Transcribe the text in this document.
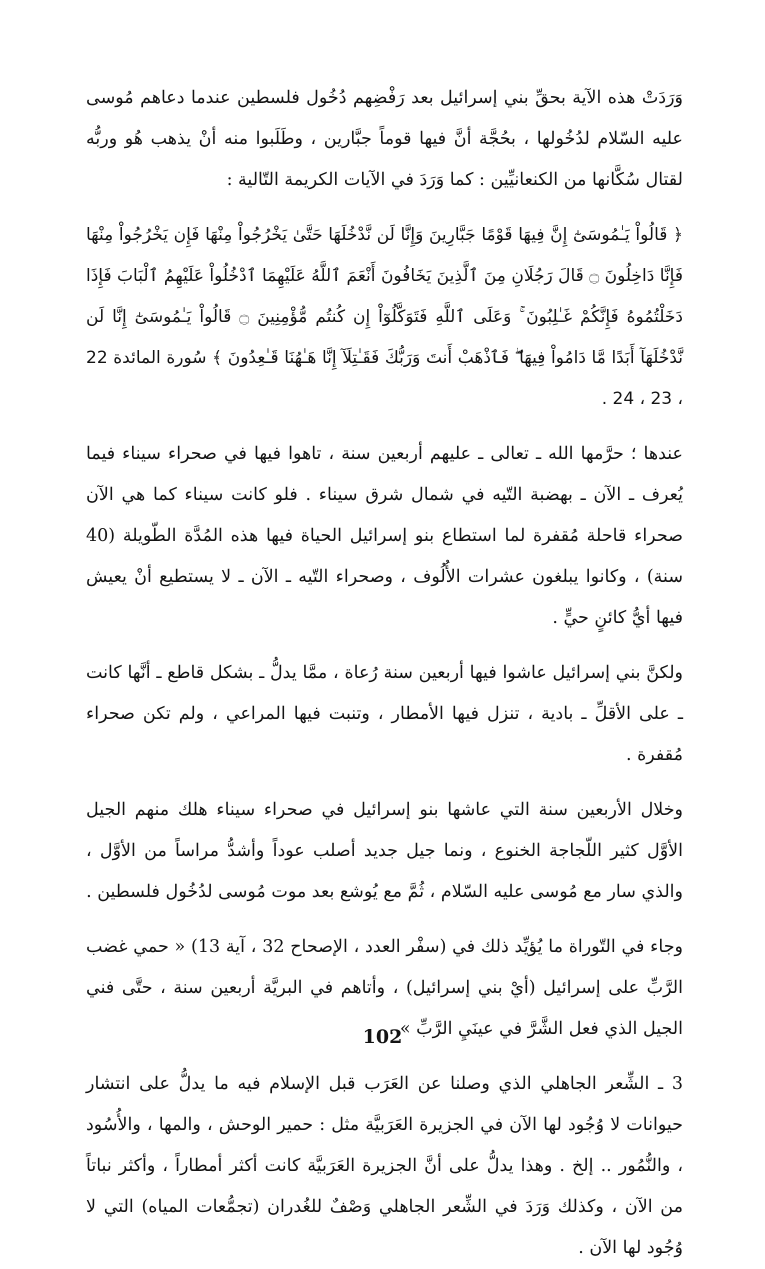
وَرَدَتْ هذه الآية بحقِّ بني إسرائيل بعد رَفْضِهم دُخُول فلسطين عندما دعاهم مُوسى عليه السّلام لدُخُولها ، بحُجَّة أنَّ فيها قوماً جبَّارين ، وطَلَبوا منه أنْ يذهب هُو وربُّه لقتال سُكَّانها من الكنعانيِّين : كما وَرَدَ في الآيات الكريمة التّالية :

﴿ قَالُواْ يَـٰمُوسَىٰٓ إِنَّ فِيهَا قَوْمًا جَبَّارِينَ وَإِنَّا لَن نَّدْخُلَهَا حَتَّىٰ يَخْرُجُواْ مِنْهَا فَإِن يَخْرُجُواْ مِنْهَا فَإِنَّا دَاخِلُونَ ۝ قَالَ رَجُلَانِ مِنَ ٱلَّذِينَ يَخَافُونَ أَنْعَمَ ٱللَّهُ عَلَيْهِمَا ٱدْخُلُواْ عَلَيْهِمُ ٱلْبَابَ فَإِذَا دَخَلْتُمُوهُ فَإِنَّكُمْ غَـٰلِبُونَ ۚ وَعَلَى ٱللَّهِ فَتَوَكَّلُوٓاْ إِن كُنتُم مُّؤْمِنِينَ ۝ قَالُواْ يَـٰمُوسَىٰٓ إِنَّا لَن نَّدْخُلَهَآ أَبَدًا مَّا دَامُواْ فِيهَا ۖ فَٱذْهَبْ أَنتَ وَرَبُّكَ فَقَـٰتِلَآ إِنَّا هَـٰهُنَا قَـٰعِدُونَ ﴾ سُورة المائدة 22 ، 23 ، 24 .

عندها ؛ حرَّمها الله ـ تعالى ـ عليهم أربعين سنة ، تاهوا فيها في صحراء سيناء فيما يُعرف ـ الآن ـ بهضبة التّيه في شمال شرق سيناء . فلو كانت سيناء كما هي الآن صحراء قاحلة مُقفرة لما استطاع بنو إسرائيل الحياة فيها هذه المُدَّة الطّويلة (40 سنة) ، وكانوا يبلغون عشرات الأُلُوف ، وصحراء التّيه ـ الآن ـ لا يستطيع أنْ يعيش فيها أيُّ كائنٍ حيٍّ .

ولكنَّ بني إسرائيل عاشوا فيها أربعين سنة رُعاة ، ممَّا يدلُّ ـ بشكل قاطع ـ أنَّها كانت ـ على الأقلِّ ـ بادية ، تنزل فيها الأمطار ، وتنبت فيها المراعي ، ولم تكن صحراء مُقفرة .

وخلال الأربعين سنة التي عاشها بنو إسرائيل في صحراء سيناء هلك منهم الجيل الأوَّل كثير اللّجاجة الخنوع ، ونما جيل جديد أصلب عوداً وأشدُّ مراساً من الأوَّل ، والذي سار مع مُوسى عليه السّلام ، ثُمَّ مع يُوشع بعد موت مُوسى لدُخُول فلسطين .

وجاء في التّوراة ما يُؤيِّد ذلك في (سفْر العدد ، الإصحاح 32 ، آية 13) « حمي غضب الرَّبِّ على إسرائيل (أيْ بني إسرائيل) ، وأتاهم في البريَّة أربعين سنة ، حتَّى فني الجيل الذي فعل الشَّرَّ في عينَيِ الرَّبِّ » .

3 ـ الشِّعر الجاهلي الذي وصلنا عن العَرَب قبل الإسلام فيه ما يدلُّ على انتشار حيوانات لا وُجُود لها الآن في الجزيرة العَرَبيَّة مثل : حمير الوحش ، والمها ، والأُسُود ، والنُّمُور .. إلخ . وهذا يدلُّ على أنَّ الجزيرة العَرَبيَّة كانت أكثر أمطاراً ، وأكثر نباتاً من الآن ، وكذلك وَرَدَ في الشِّعر الجاهلي وَصْفٌ للغُدران (تجمُّعات المياه) التي لا وُجُود لها الآن .

102
